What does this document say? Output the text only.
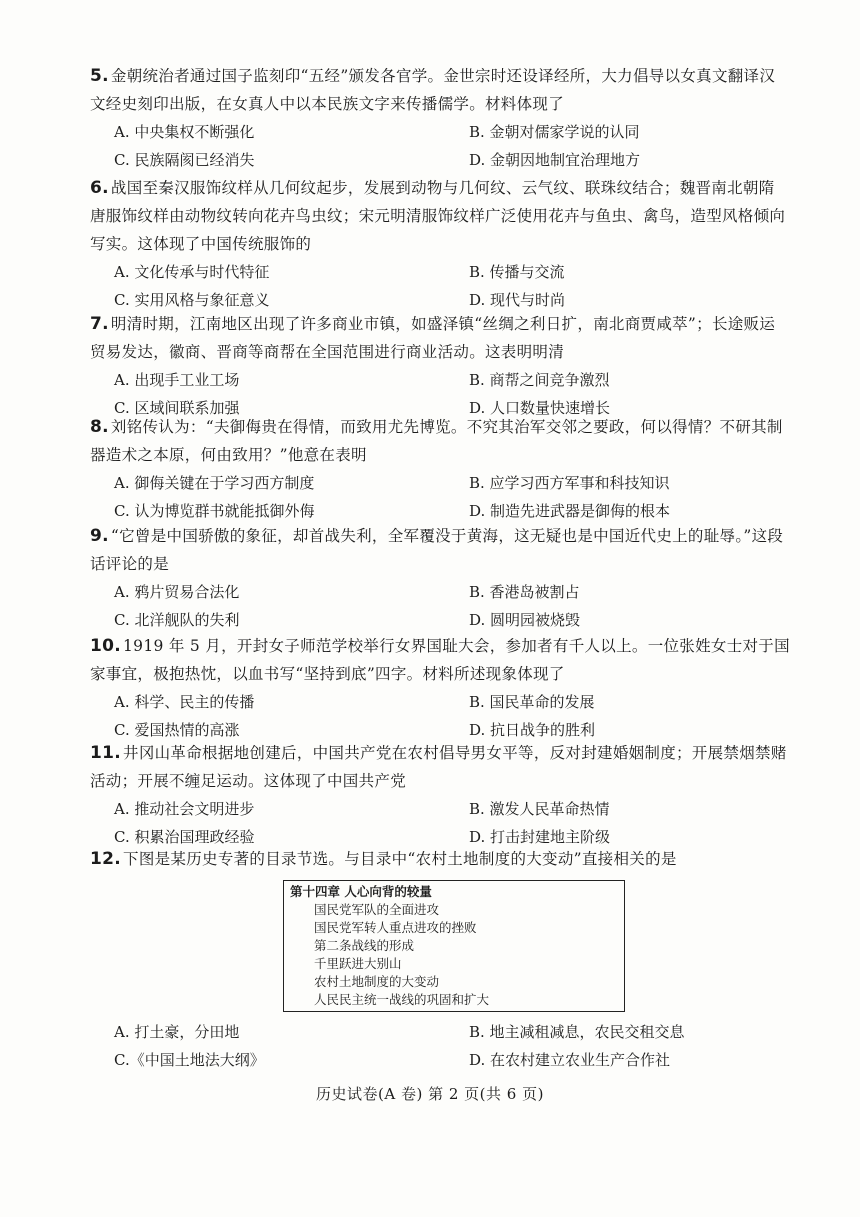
5. 金朝统治者通过国子监刻印“五经”颁发各官学。金世宗时还设译经所，大力倡导以女真文翻译汉文经史刻印出版，在女真人中以本民族文字来传播儒学。材料体现了
A. 中央集权不断强化	B. 金朝对儒家学说的认同
C. 民族隔阂已经消失	D. 金朝因地制宜治理地方
6. 战国至秦汉服饰纹样从几何纹起步，发展到动物与几何纹、云气纹、联珠纹结合；魏晋南北朝隋唐服饰纹样由动物纹转向花卉鸟虫纹；宋元明清服饰纹样广泛使用花卉与鱼虫、禽鸟，造型风格倾向写实。这体现了中国传统服饰的
A. 文化传承与时代特征	B. 传播与交流
C. 实用风格与象征意义	D. 现代与时尚
7. 明清时期，江南地区出现了许多商业市镇，如盛泽镇“丝绸之利日扩，南北商贾咸萃”；长途贩运贸易发达，徽商、晋商等商帮在全国范围进行商业活动。这表明明清
A. 出现手工业工场	B. 商帮之间竞争激烈
C. 区域间联系加强	D. 人口数量快速增长
8. 刘铭传认为：“夫御侮贵在得情，而致用尤先博览。不究其治军交邻之要政，何以得情？不研其制器造术之本原，何由致用？”他意在表明
A. 御侮关键在于学习西方制度	B. 应学习西方军事和科技知识
C. 认为博览群书就能抵御外侮	D. 制造先进武器是御侮的根本
9. “它曾是中国骄傲的象征，却首战失利，全军覆没于黄海，这无疑也是中国近代史上的耻辱。”这段话评论的是
A. 鸦片贸易合法化	B. 香港岛被割占
C. 北洋舰队的失利	D. 圆明园被烧毁
10. 1919 年 5 月，开封女子师范学校举行女界国耻大会，参加者有千人以上。一位张姓女士对于国家事宜，极抱热忱，以血书写“坚持到底”四字。材料所述现象体现了
A. 科学、民主的传播	B. 国民革命的发展
C. 爱国热情的高涨	D. 抗日战争的胜利
11. 井冈山革命根据地创建后，中国共产党在农村倡导男女平等，反对封建婚姻制度；开展禁烟禁赌活动；开展不缠足运动。这体现了中国共产党
A. 推动社会文明进步	B. 激发人民革命热情
C. 积累治国理政经验	D. 打击封建地主阶级
12. 下图是某历史专著的目录节选。与目录中“农村土地制度的大变动”直接相关的是
第十四章 人心向背的较量
国民党军队的全面进攻
国民党军转人重点进攻的挫败
第二条战线的形成
千里跃进大别山
农村土地制度的大变动
人民民主统一战线的巩固和扩大
A. 打土豪，分田地	B. 地主减租减息，农民交租交息
C.《中国土地法大纲》	D. 在农村建立农业生产合作社
历史试卷(A 卷) 第 2 页(共 6 页)
